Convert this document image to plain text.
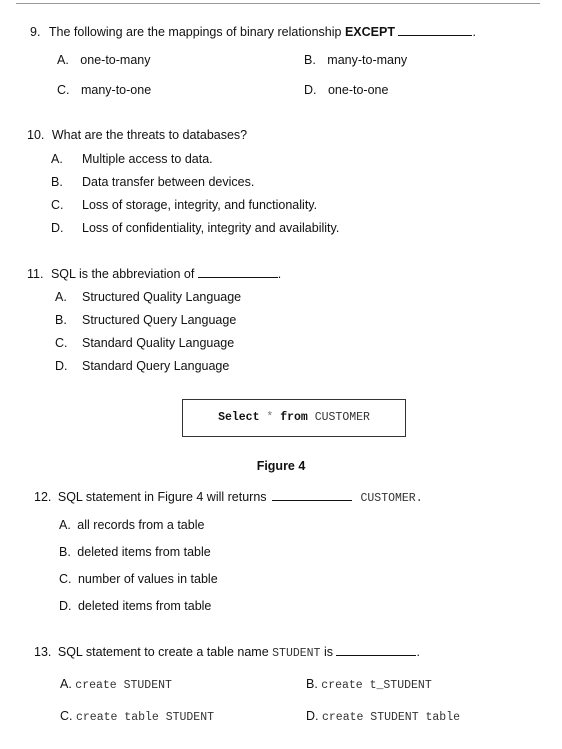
9. The following are the mappings of binary relationship EXCEPT	.
A. one-to-many	B. many-to-many
C. many-to-one	D. one-to-one
10. What are the threats to databases?
A. Multiple access to data.
B. Data transfer between devices.
C. Loss of storage, integrity, and functionality.
D. Loss of confidentiality, integrity and availability.
11. SQL is the abbreviation of	.
A. Structured Quality Language
B. Structured Query Language
C. Standard Quality Language
D. Standard Query Language
Select * from CUSTOMER
Figure 4
12. SQL statement in Figure 4 will returns	CUSTOMER.
A. all records from a table
B. deleted items from table
C. number of values in table
D. deleted items from table
13. SQL statement to create a table name STUDENT is	.
A. create STUDENT	B. create t_STUDENT
C. create table STUDENT	D. create STUDENT table
